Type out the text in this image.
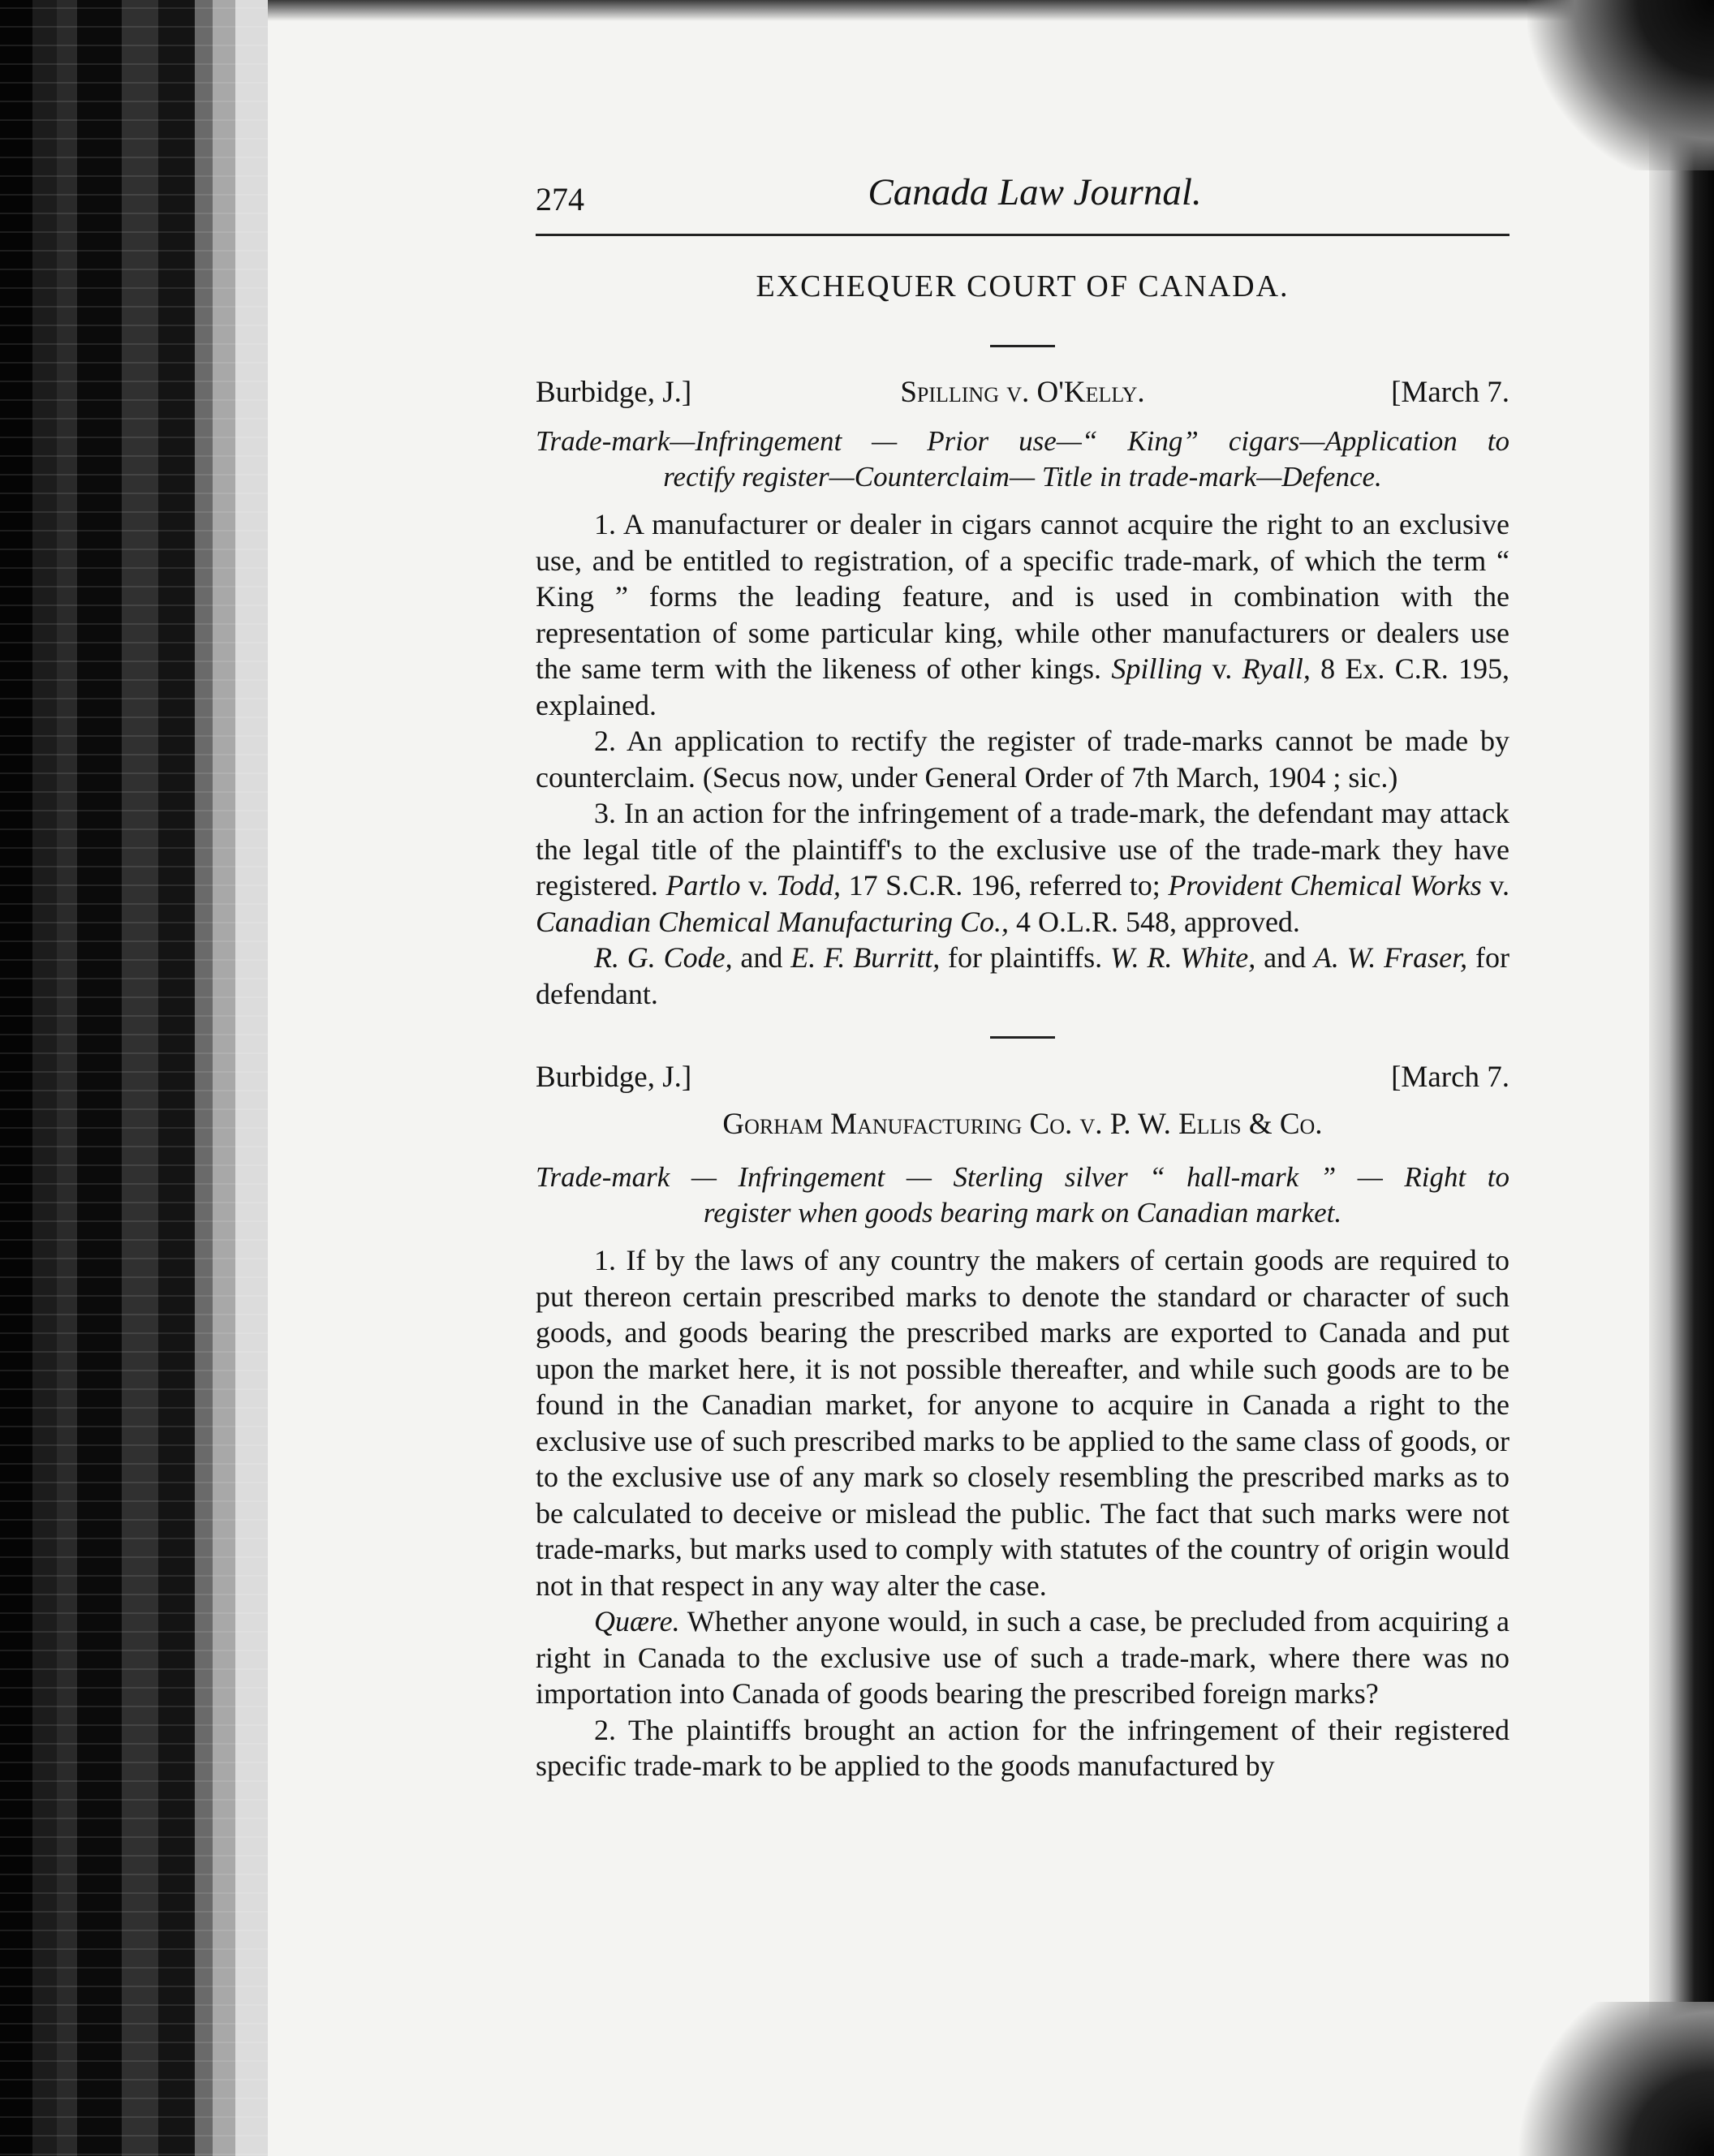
274	Canada Law Journal.
EXCHEQUER COURT OF CANADA.
Burbidge, J.]	Spilling v. O'Kelly.	[March 7.
Trade-mark—Infringement — Prior use—“ King” cigars—Application to
rectify register—Counterclaim— Title in trade-mark—Defence.

1. A manufacturer or dealer in cigars cannot acquire the right to an exclusive use, and be entitled to registration, of a specific trade-mark, of which the term “ King ” forms the leading feature, and is used in combination with the representation of some particular king, while other manufacturers or dealers use the same term with the likeness of other kings. Spilling v. Ryall, 8 Ex. C.R. 195, explained.

2. An application to rectify the register of trade-marks cannot be made by counterclaim. (Secus now, under General Order of 7th March, 1904 ; sic.)

3. In an action for the infringement of a trade-mark, the defendant may attack the legal title of the plaintiff's to the exclusive use of the trade-mark they have registered. Partlo v. Todd, 17 S.C.R. 196, referred to; Provident Chemical Works v. Canadian Chemical Manufacturing Co., 4 O.L.R. 548, approved.

R. G. Code, and E. F. Burritt, for plaintiffs. W. R. White, and A. W. Fraser, for defendant.

Burbidge, J.]	[March 7.
Gorham Manufacturing Co. v. P. W. Ellis & Co.
Trade-mark — Infringement — Sterling silver “ hall-mark ” — Right to
register when goods bearing mark on Canadian market.

1. If by the laws of any country the makers of certain goods are required to put thereon certain prescribed marks to denote the standard or character of such goods, and goods bearing the prescribed marks are exported to Canada and put upon the market here, it is not possible thereafter, and while such goods are to be found in the Canadian market, for anyone to acquire in Canada a right to the exclusive use of such prescribed marks to be applied to the same class of goods, or to the exclusive use of any mark so closely resembling the prescribed marks as to be calculated to deceive or mislead the public. The fact that such marks were not trade-marks, but marks used to comply with statutes of the country of origin would not in that respect in any way alter the case.

Quære. Whether anyone would, in such a case, be precluded from acquiring a right in Canada to the exclusive use of such a trade-mark, where there was no importation into Canada of goods bearing the prescribed foreign marks?

2. The plaintiffs brought an action for the infringement of their registered specific trade-mark to be applied to the goods manufactured by
